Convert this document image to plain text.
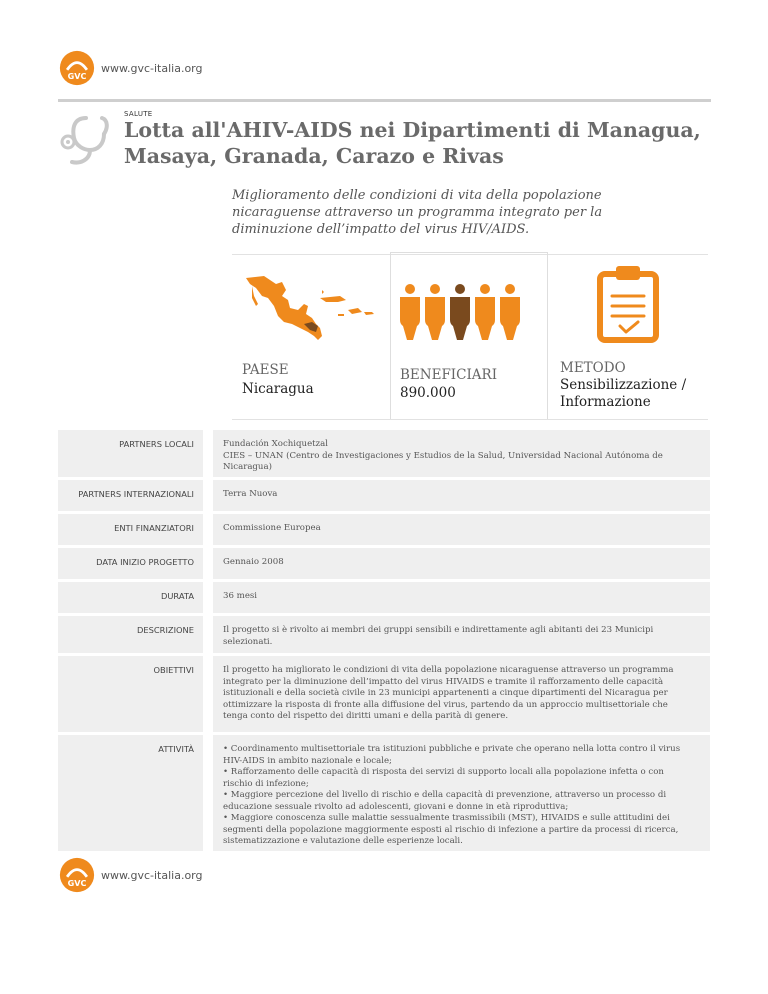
GVC
www.gvc-italia.org
SALUTE
Lotta all'AHIV-AIDS nei Dipartimenti di Managua, Masaya, Granada, Carazo e Rivas

Miglioramento delle condizioni di vita della popolazione nicaraguense attraverso un programma integrato per la diminuzione dell’impatto del virus HIV/AIDS.

PAESE
Nicaragua
BENEFICIARI
890.000
METODO
Sensibilizzazione / Informazione
PARTNERS LOCALI	Fundación Xochiquetzal
CIES – UNAN (Centro de Investigaciones y Estudios de la Salud, Universidad Nacional Autónoma de Nicaragua)
PARTNERS INTERNAZIONALI	Terra Nuova
ENTI FINANZIATORI	Commissione Europea
DATA INIZIO PROGETTO	Gennaio 2008
DURATA	36 mesi
DESCRIZIONE	Il progetto si è rivolto ai membri dei gruppi sensibili e indirettamente agli abitanti dei 23 Municipi selezionati.
OBIETTIVI	Il progetto ha migliorato le condizioni di vita della popolazione nicaraguense attraverso un programma integrato per la diminuzione dell’impatto del virus HIVAIDS e tramite il rafforzamento delle capacità istituzionali e della società civile in 23 municipi appartenenti a cinque dipartimenti del Nicaragua per ottimizzare la risposta di fronte alla diffusione del virus, partendo da un approccio multisettoriale che tenga conto del rispetto dei diritti umani e della parità di genere.
ATTIVITÀ	• Coordinamento multisettoriale tra istituzioni pubbliche e private che operano nella lotta contro il virus HIV-AIDS in ambito nazionale e locale;
• Rafforzamento delle capacità di risposta dei servizi di supporto locali alla popolazione infetta o con rischio di infezione;
• Maggiore percezione del livello di rischio e della capacità di prevenzione, attraverso un processo di educazione sessuale rivolto ad adolescenti, giovani e donne in età riproduttiva;
• Maggiore conoscenza sulle malattie sessualmente trasmissibili (MST), HIVAIDS e sulle attitudini dei segmenti della popolazione maggiormente esposti al rischio di infezione a partire da processi di ricerca, sistematizzazione e valutazione delle esperienze locali.
GVC
www.gvc-italia.org
